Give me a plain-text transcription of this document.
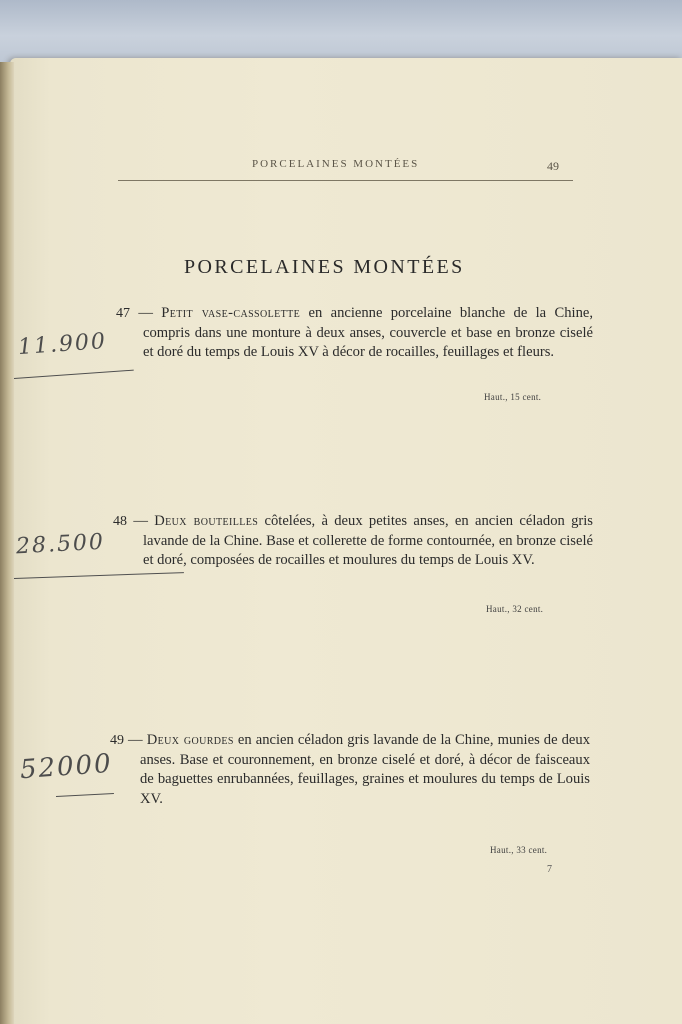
PORCELAINES MONTÉES	49
PORCELAINES MONTÉES

47 — Petit vase-cassolette en ancienne porcelaine blanche de la Chine, compris dans une monture à deux anses, couvercle et base en bronze ciselé et doré du temps de Louis XV à décor de rocailles, feuillages et fleurs.

Haut., 15 cent.
11.900

48 — Deux bouteilles côtelées, à deux petites anses, en ancien céladon gris lavande de la Chine. Base et collerette de forme contournée, en bronze ciselé et doré, composées de rocailles et moulures du temps de Louis XV.

Haut., 32 cent.
28.500

49 — Deux gourdes en ancien céladon gris lavande de la Chine, munies de deux anses. Base et couronnement, en bronze ciselé et doré, à décor de faisceaux de baguettes enrubannées, feuillages, graines et moulures du temps de Louis XV.

Haut., 33 cent.
52000
7
